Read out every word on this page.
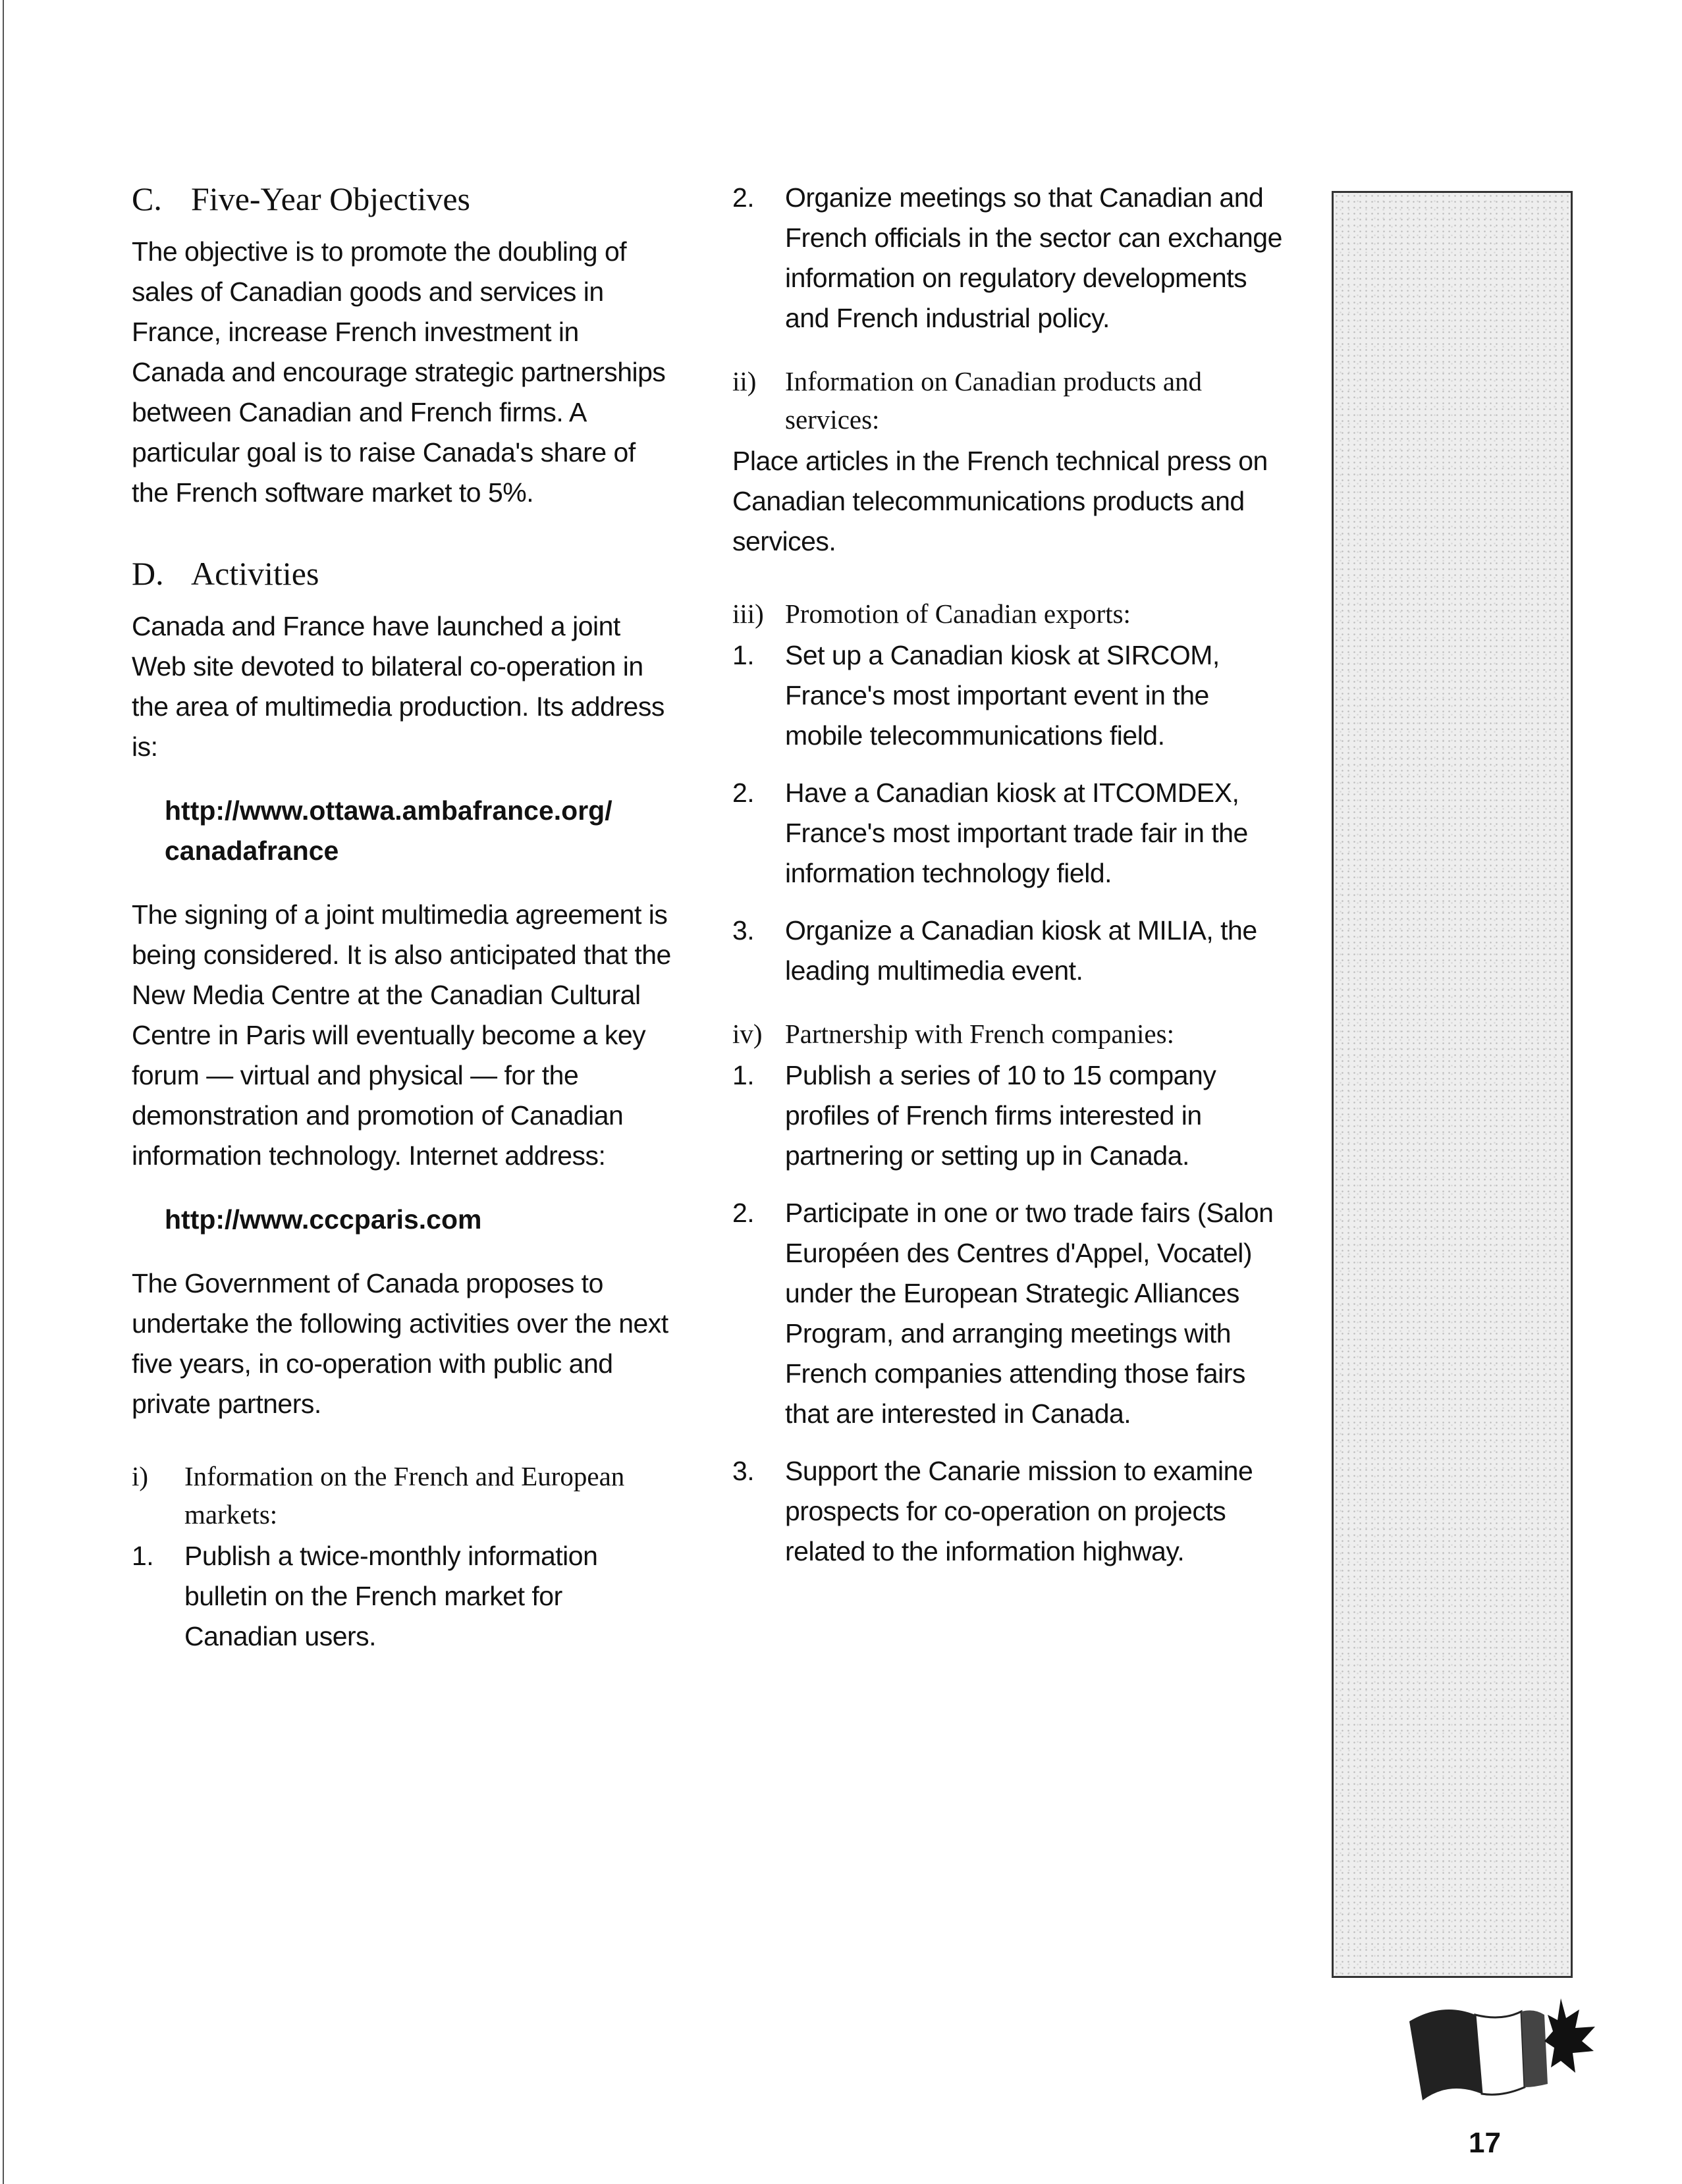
C. Five-Year Objectives

The objective is to promote the doubling of sales of Canadian goods and services in France, increase French investment in Canada and encourage strategic partnerships between Canadian and French firms. A particular goal is to raise Canada's share of the French software market to 5%.

D. Activities

Canada and France have launched a joint Web site devoted to bilateral co-operation in the area of multimedia production. Its address is:

http://www.ottawa.ambafrance.org/
canadafrance

The signing of a joint multimedia agreement is being considered. It is also anticipated that the New Media Centre at the Canadian Cultural Centre in Paris will eventually become a key forum — virtual and physical — for the demonstration and promotion of Canadian information technology. Internet address:

http://www.cccparis.com

The Government of Canada proposes to undertake the following activities over the next five years, in co-operation with public and private partners.

i) Information on the French and European markets:
1. Publish a twice-monthly information bulletin on the French market for Canadian users.
2. Organize meetings so that Canadian and French officials in the sector can exchange information on regulatory developments and French industrial policy.
ii) Information on Canadian products and services:

Place articles in the French technical press on Canadian telecommunications products and services.

iii) Promotion of Canadian exports:
1. Set up a Canadian kiosk at SIRCOM, France's most important event in the mobile telecommunications field.
2. Have a Canadian kiosk at ITCOMDEX, France's most important trade fair in the information technology field.
3. Organize a Canadian kiosk at MILIA, the leading multimedia event.
iv) Partnership with French companies:
1. Publish a series of 10 to 15 company profiles of French firms interested in partnering or setting up in Canada.
2. Participate in one or two trade fairs (Salon Européen des Centres d'Appel, Vocatel) under the European Strategic Alliances Program, and arranging meetings with French companies attending those fairs that are interested in Canada.
3. Support the Canarie mission to examine prospects for co-operation on projects related to the information highway.
17
